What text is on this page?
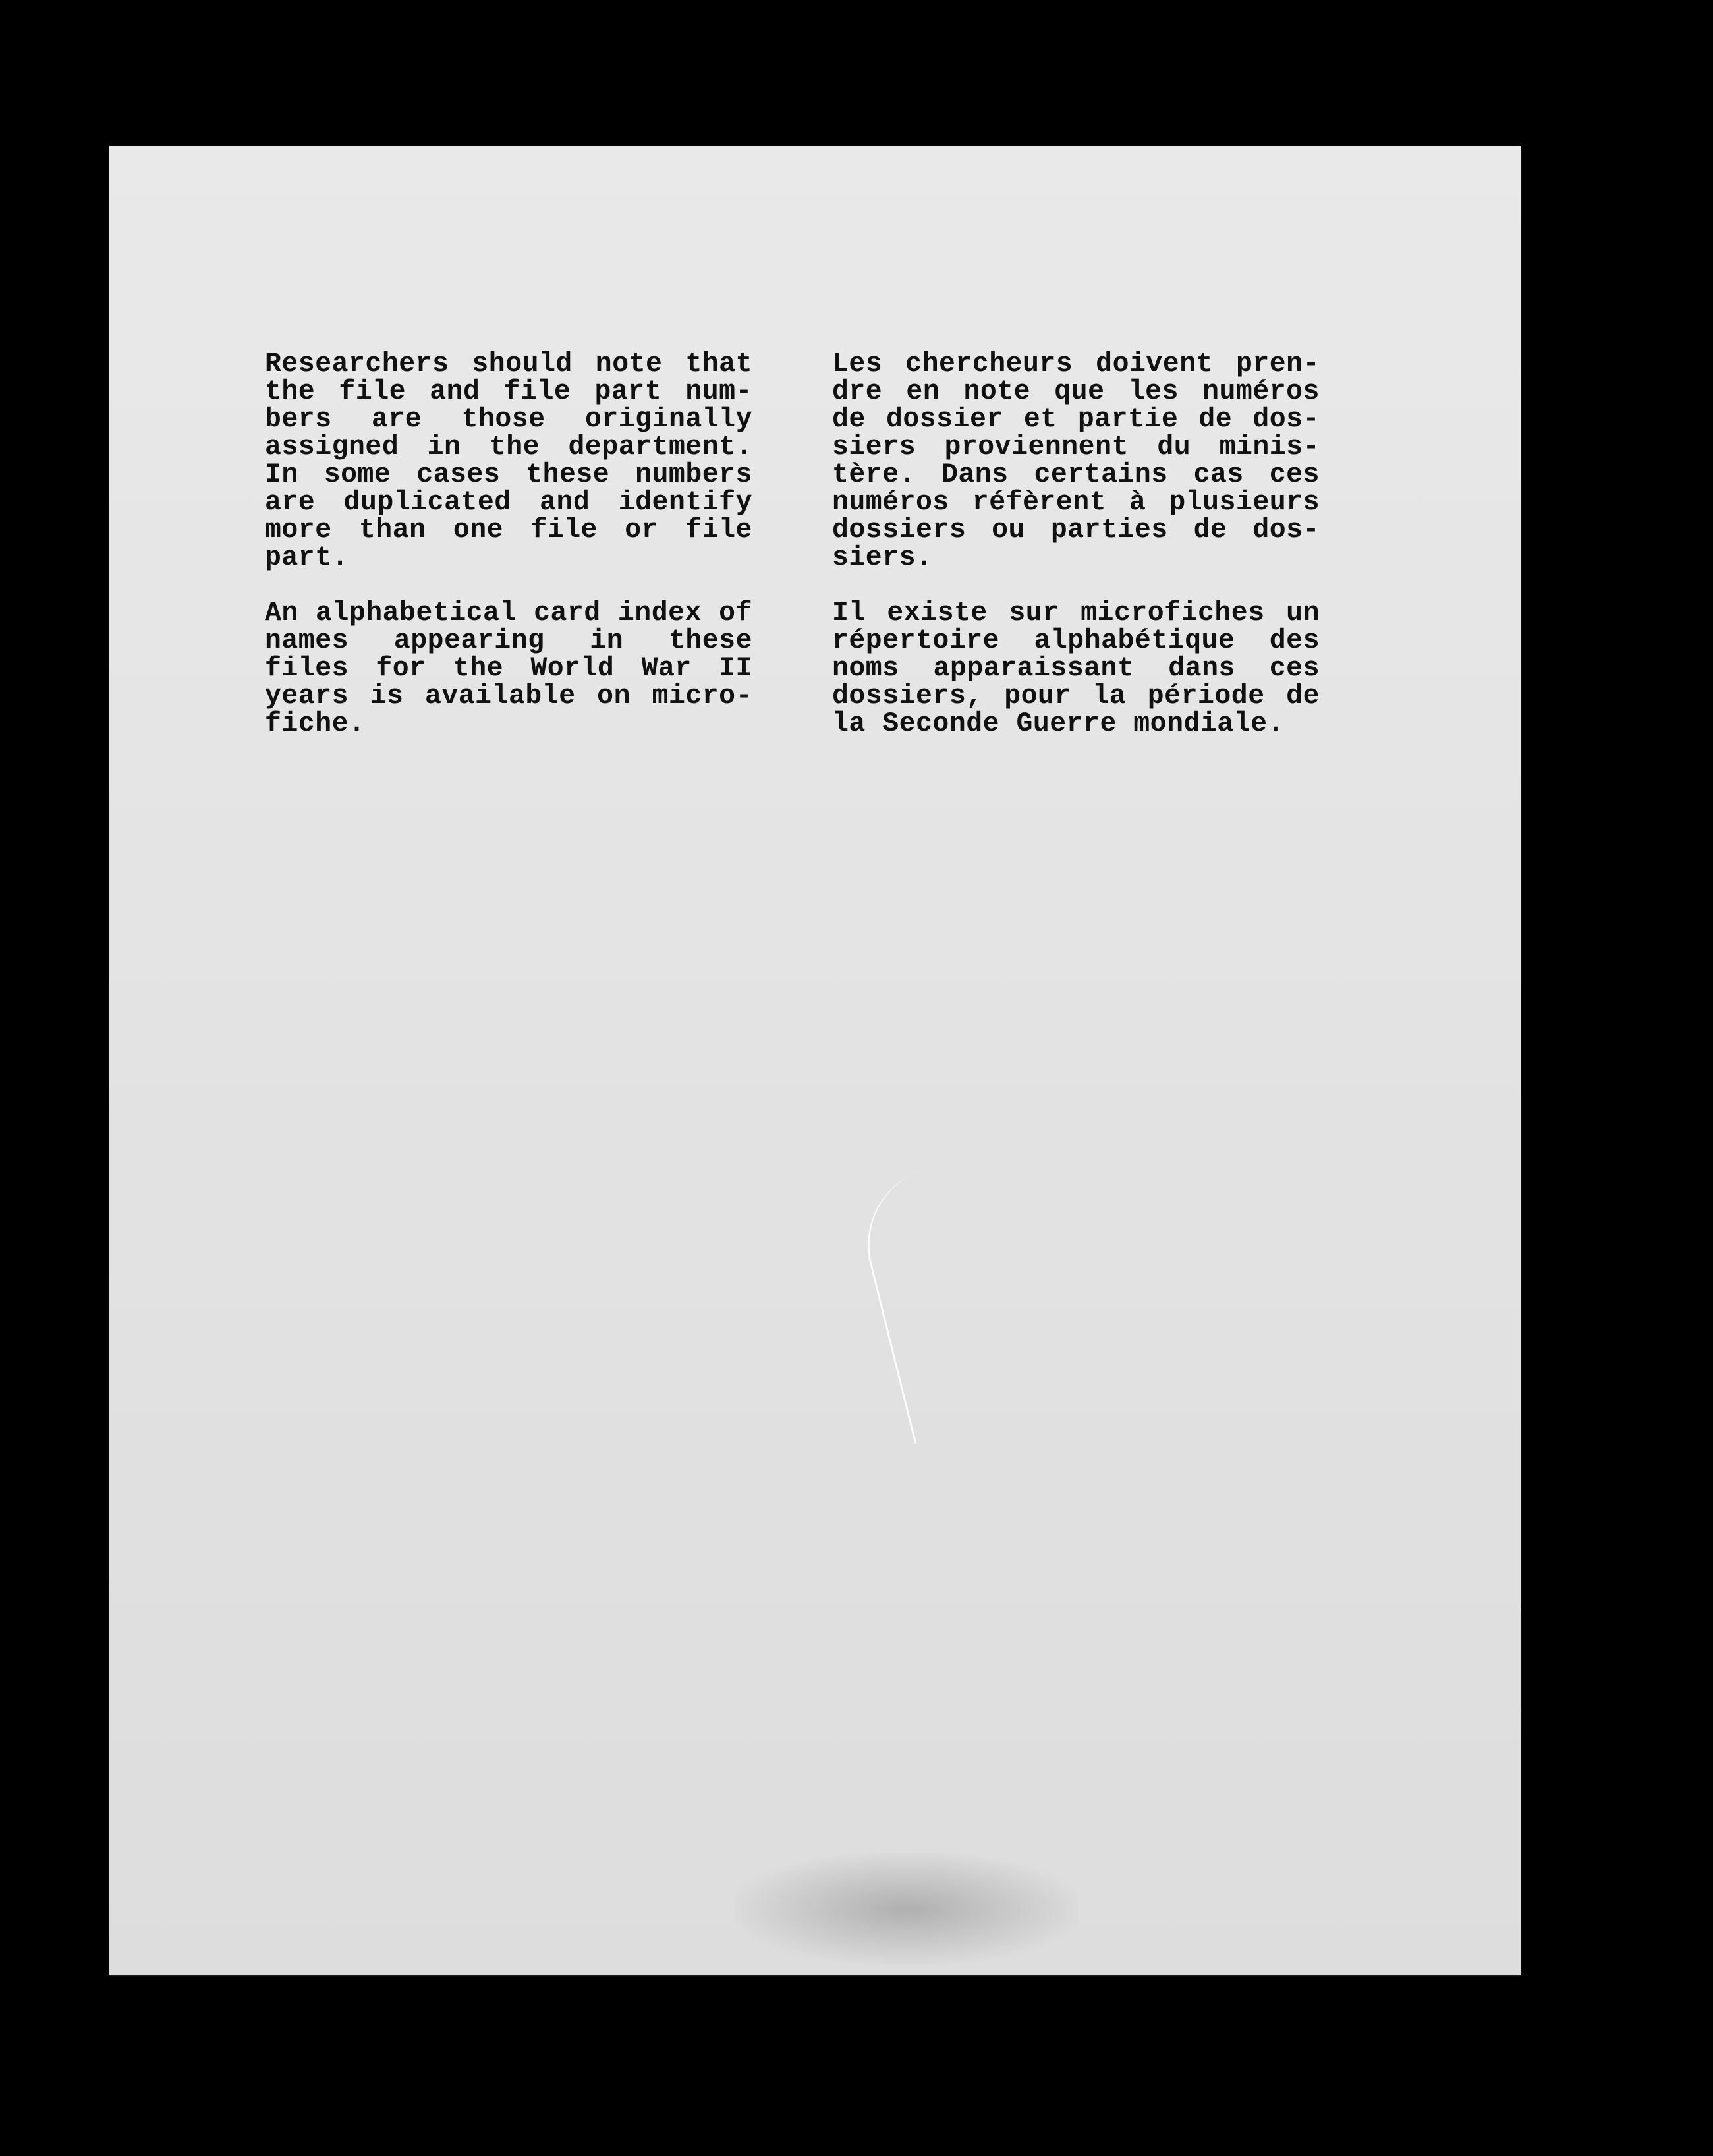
Researchers should note that
the file and file part num-
bers are those originally
assigned in the department.
In some cases these numbers
are duplicated and identify
more than one file or file
part.
An alphabetical card index of
names appearing in these
files for the World War II
years is available on micro-
fiche.
Les chercheurs doivent pren-
dre en note que les numéros
de dossier et partie de dos-
siers proviennent du minis-
tère. Dans certains cas ces
numéros réfèrent à plusieurs
dossiers ou parties de dos-
siers.
Il existe sur microfiches un
répertoire alphabétique des
noms apparaissant dans ces
dossiers, pour la période de
la Seconde Guerre mondiale.
